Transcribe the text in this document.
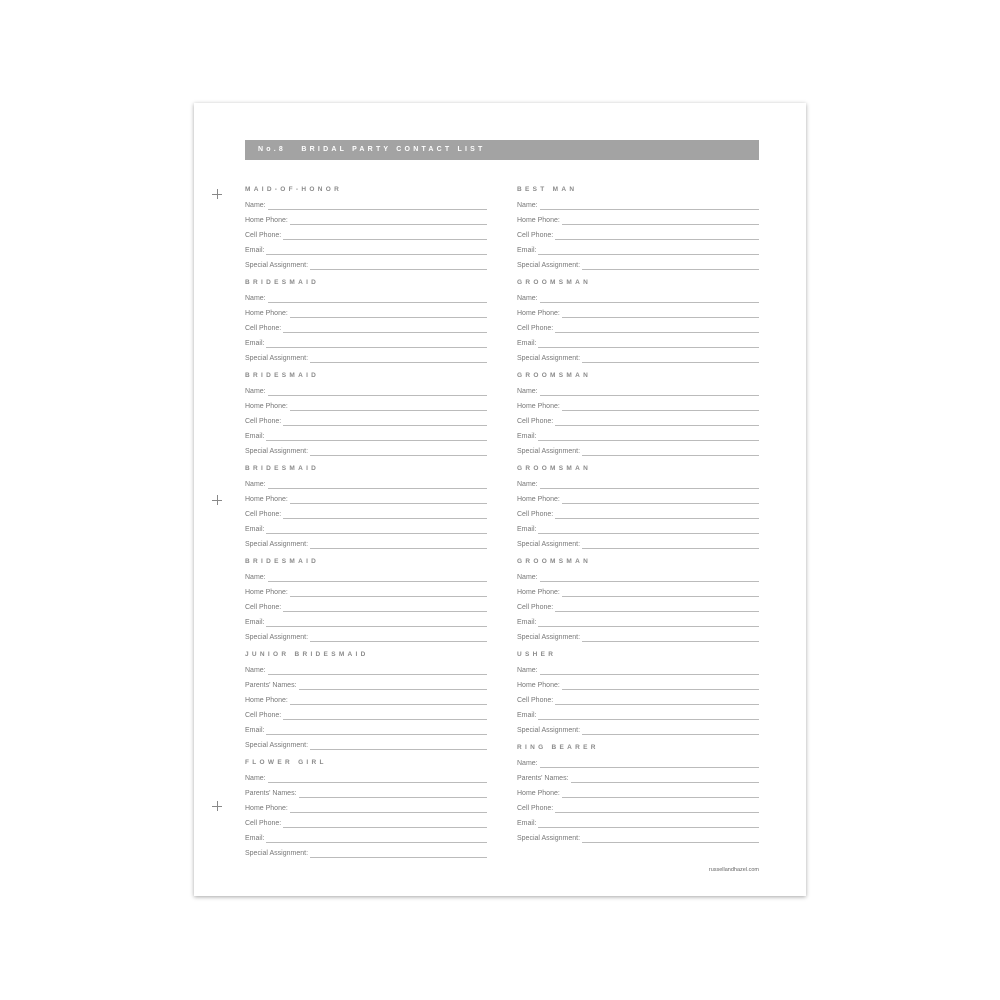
No.8 BRIDAL PARTY CONTACT LIST
MAID-OF-HONOR
Name:
Home Phone:
Cell Phone:
Email:
Special Assignment:
BRIDESMAID
Name:
Home Phone:
Cell Phone:
Email:
Special Assignment:
BRIDESMAID
Name:
Home Phone:
Cell Phone:
Email:
Special Assignment:
BRIDESMAID
Name:
Home Phone:
Cell Phone:
Email:
Special Assignment:
BRIDESMAID
Name:
Home Phone:
Cell Phone:
Email:
Special Assignment:
JUNIOR BRIDESMAID
Name:
Parents' Names:
Home Phone:
Cell Phone:
Email:
Special Assignment:
FLOWER GIRL
Name:
Parents' Names:
Home Phone:
Cell Phone:
Email:
Special Assignment:
BEST MAN
Name:
Home Phone:
Cell Phone:
Email:
Special Assignment:
GROOMSMAN
Name:
Home Phone:
Cell Phone:
Email:
Special Assignment:
GROOMSMAN
Name:
Home Phone:
Cell Phone:
Email:
Special Assignment:
GROOMSMAN
Name:
Home Phone:
Cell Phone:
Email:
Special Assignment:
GROOMSMAN
Name:
Home Phone:
Cell Phone:
Email:
Special Assignment:
USHER
Name:
Home Phone:
Cell Phone:
Email:
Special Assignment:
RING BEARER
Name:
Parents' Names:
Home Phone:
Cell Phone:
Email:
Special Assignment:
russellandhazel.com
